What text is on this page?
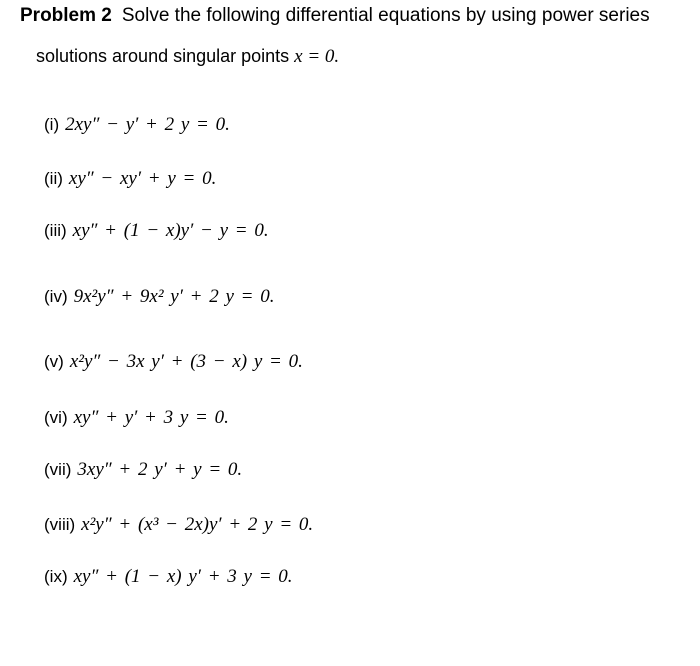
Problem 2 Solve the following differential equations by using power series
solutions around singular points x = 0.
(i) 2xy″ − y′ + 2 y = 0.
(ii) xy″ − xy′ + y = 0.
(iii) xy″ + (1 − x)y′ − y = 0.
(iv) 9x²y″ + 9x² y′ + 2 y = 0.
(v) x²y″ − 3x y′ + (3 − x) y = 0.
(vi) xy″ + y′ + 3 y = 0.
(vii) 3xy″ + 2 y′ + y = 0.
(viii) x²y″ + (x³ − 2x)y′ + 2 y = 0.
(ix) xy″ + (1 − x) y′ + 3 y = 0.
